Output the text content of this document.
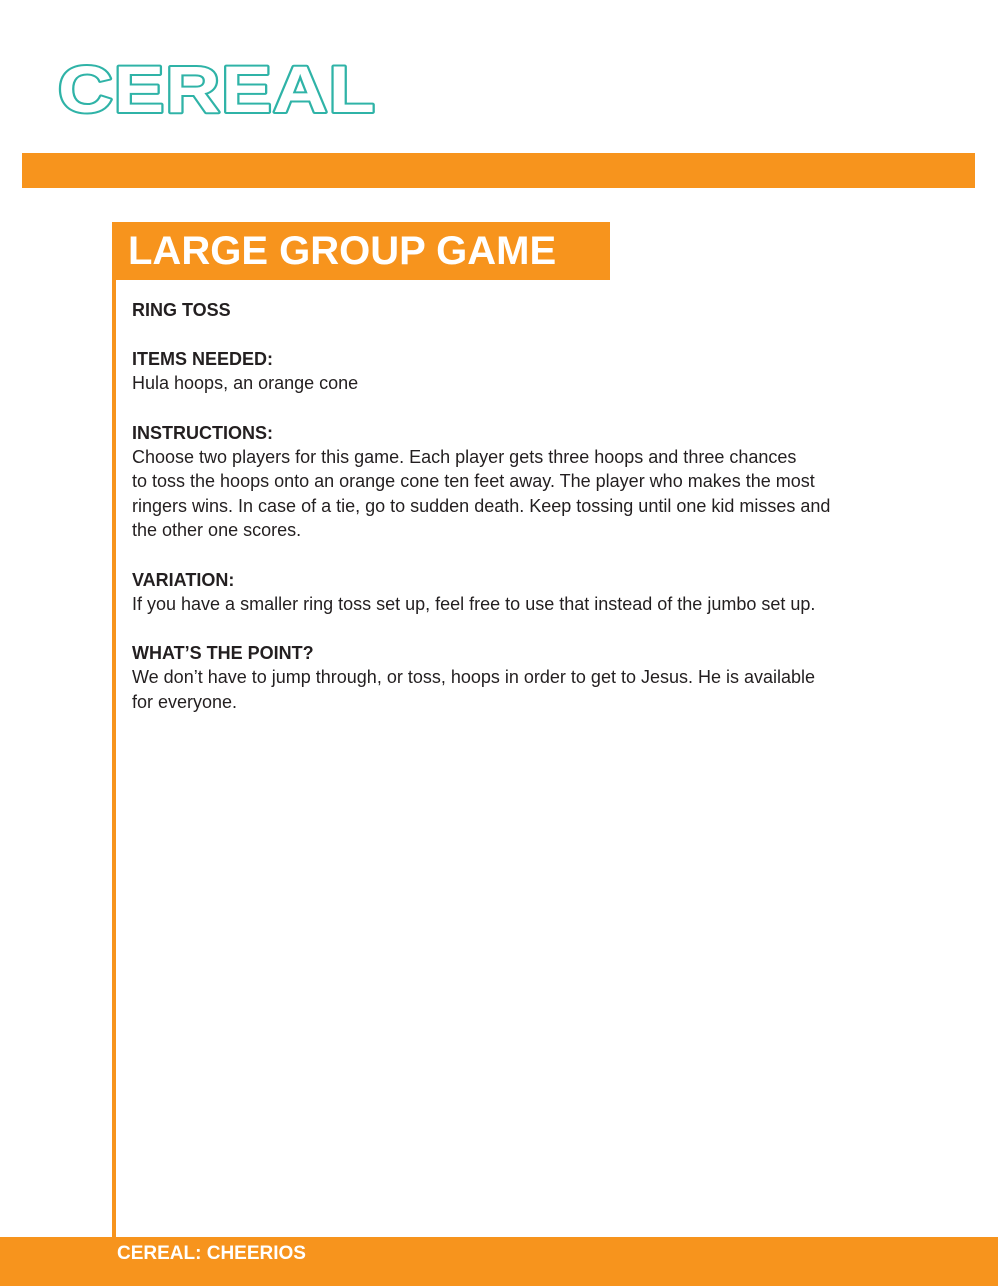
CEREAL
LARGE GROUP GAME

RING TOSS

ITEMS NEEDED:

Hula hoops, an orange cone

INSTRUCTIONS:

Choose two players for this game. Each player gets three hoops and three chances
to toss the hoops onto an orange cone ten feet away. The player who makes the most
ringers wins. In case of a tie, go to sudden death. Keep tossing until one kid misses and
the other one scores.

VARIATION:

If you have a smaller ring toss set up, feel free to use that instead of the jumbo set up.

WHAT’S THE POINT?

We don’t have to jump through, or toss, hoops in order to get to Jesus. He is available
for everyone.
CEREAL: CHEERIOS
